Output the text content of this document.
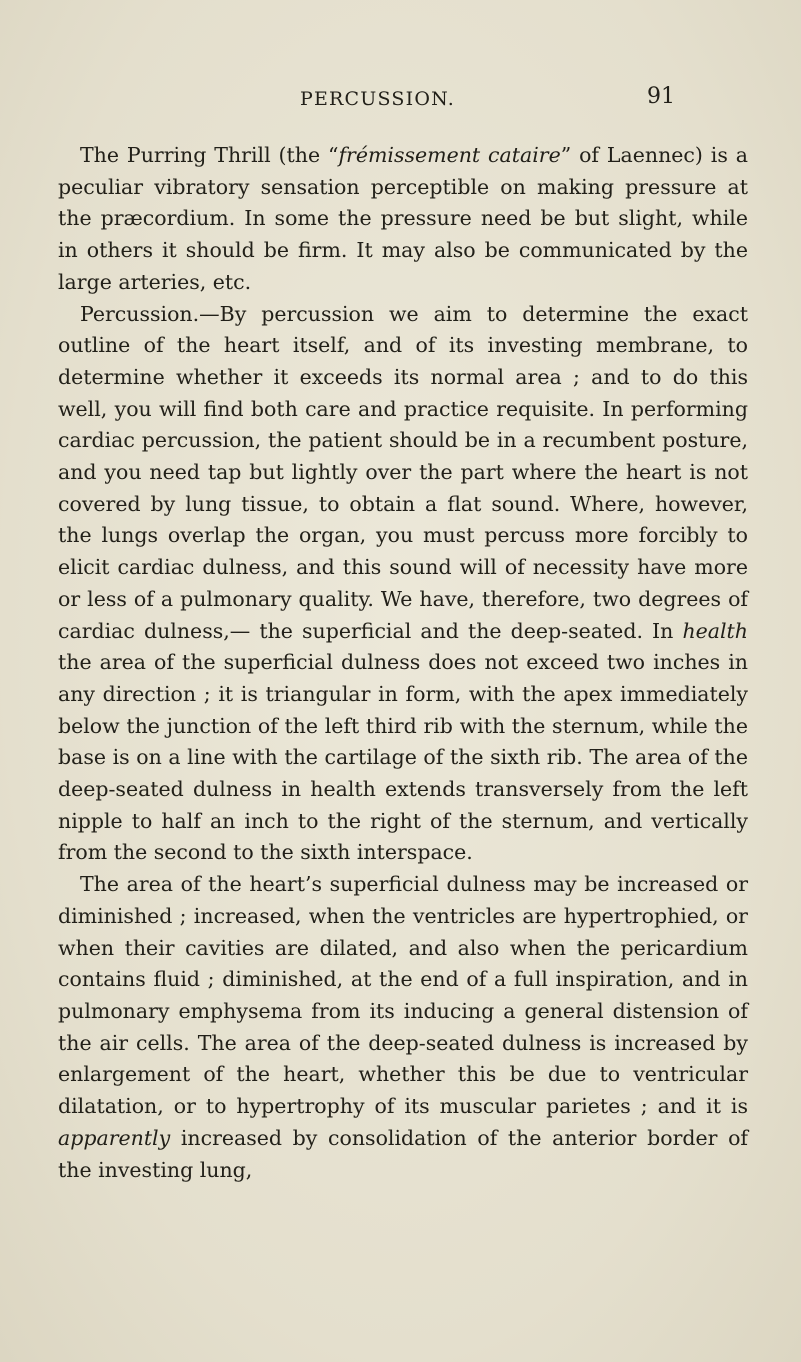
PERCUSSION.	91

The Purring Thrill (the “frémissement cataire” of Laennec) is a peculiar vibratory sensation perceptible on making pressure at the præcordium. In some the pressure need be but slight, while in others it should be firm. It may also be communicated by the large arteries, etc.

Percussion.—By percussion we aim to determine the exact outline of the heart itself, and of its investing membrane, to determine whether it exceeds its normal area ; and to do this well, you will find both care and practice requisite. In performing cardiac percussion, the patient should be in a recumbent posture, and you need tap but lightly over the part where the heart is not covered by lung tissue, to obtain a flat sound. Where, however, the lungs overlap the organ, you must percuss more forcibly to elicit cardiac dulness, and this sound will of necessity have more or less of a pulmonary quality. We have, therefore, two degrees of cardiac dulness,— the superficial and the deep-seated. In health the area of the superficial dulness does not exceed two inches in any direction ; it is triangular in form, with the apex immediately below the junction of the left third rib with the sternum, while the base is on a line with the cartilage of the sixth rib. The area of the deep-seated dulness in health extends transversely from the left nipple to half an inch to the right of the sternum, and vertically from the second to the sixth interspace.

The area of the heart’s superficial dulness may be increased or diminished ; increased, when the ventricles are hypertrophied, or when their cavities are dilated, and also when the pericardium contains fluid ; diminished, at the end of a full inspiration, and in pulmonary emphysema from its inducing a general distension of the air cells. The area of the deep-seated dulness is increased by enlargement of the heart, whether this be due to ventricular dilatation, or to hypertrophy of its muscular parietes ; and it is apparently increased by consolidation of the anterior border of the investing lung,
